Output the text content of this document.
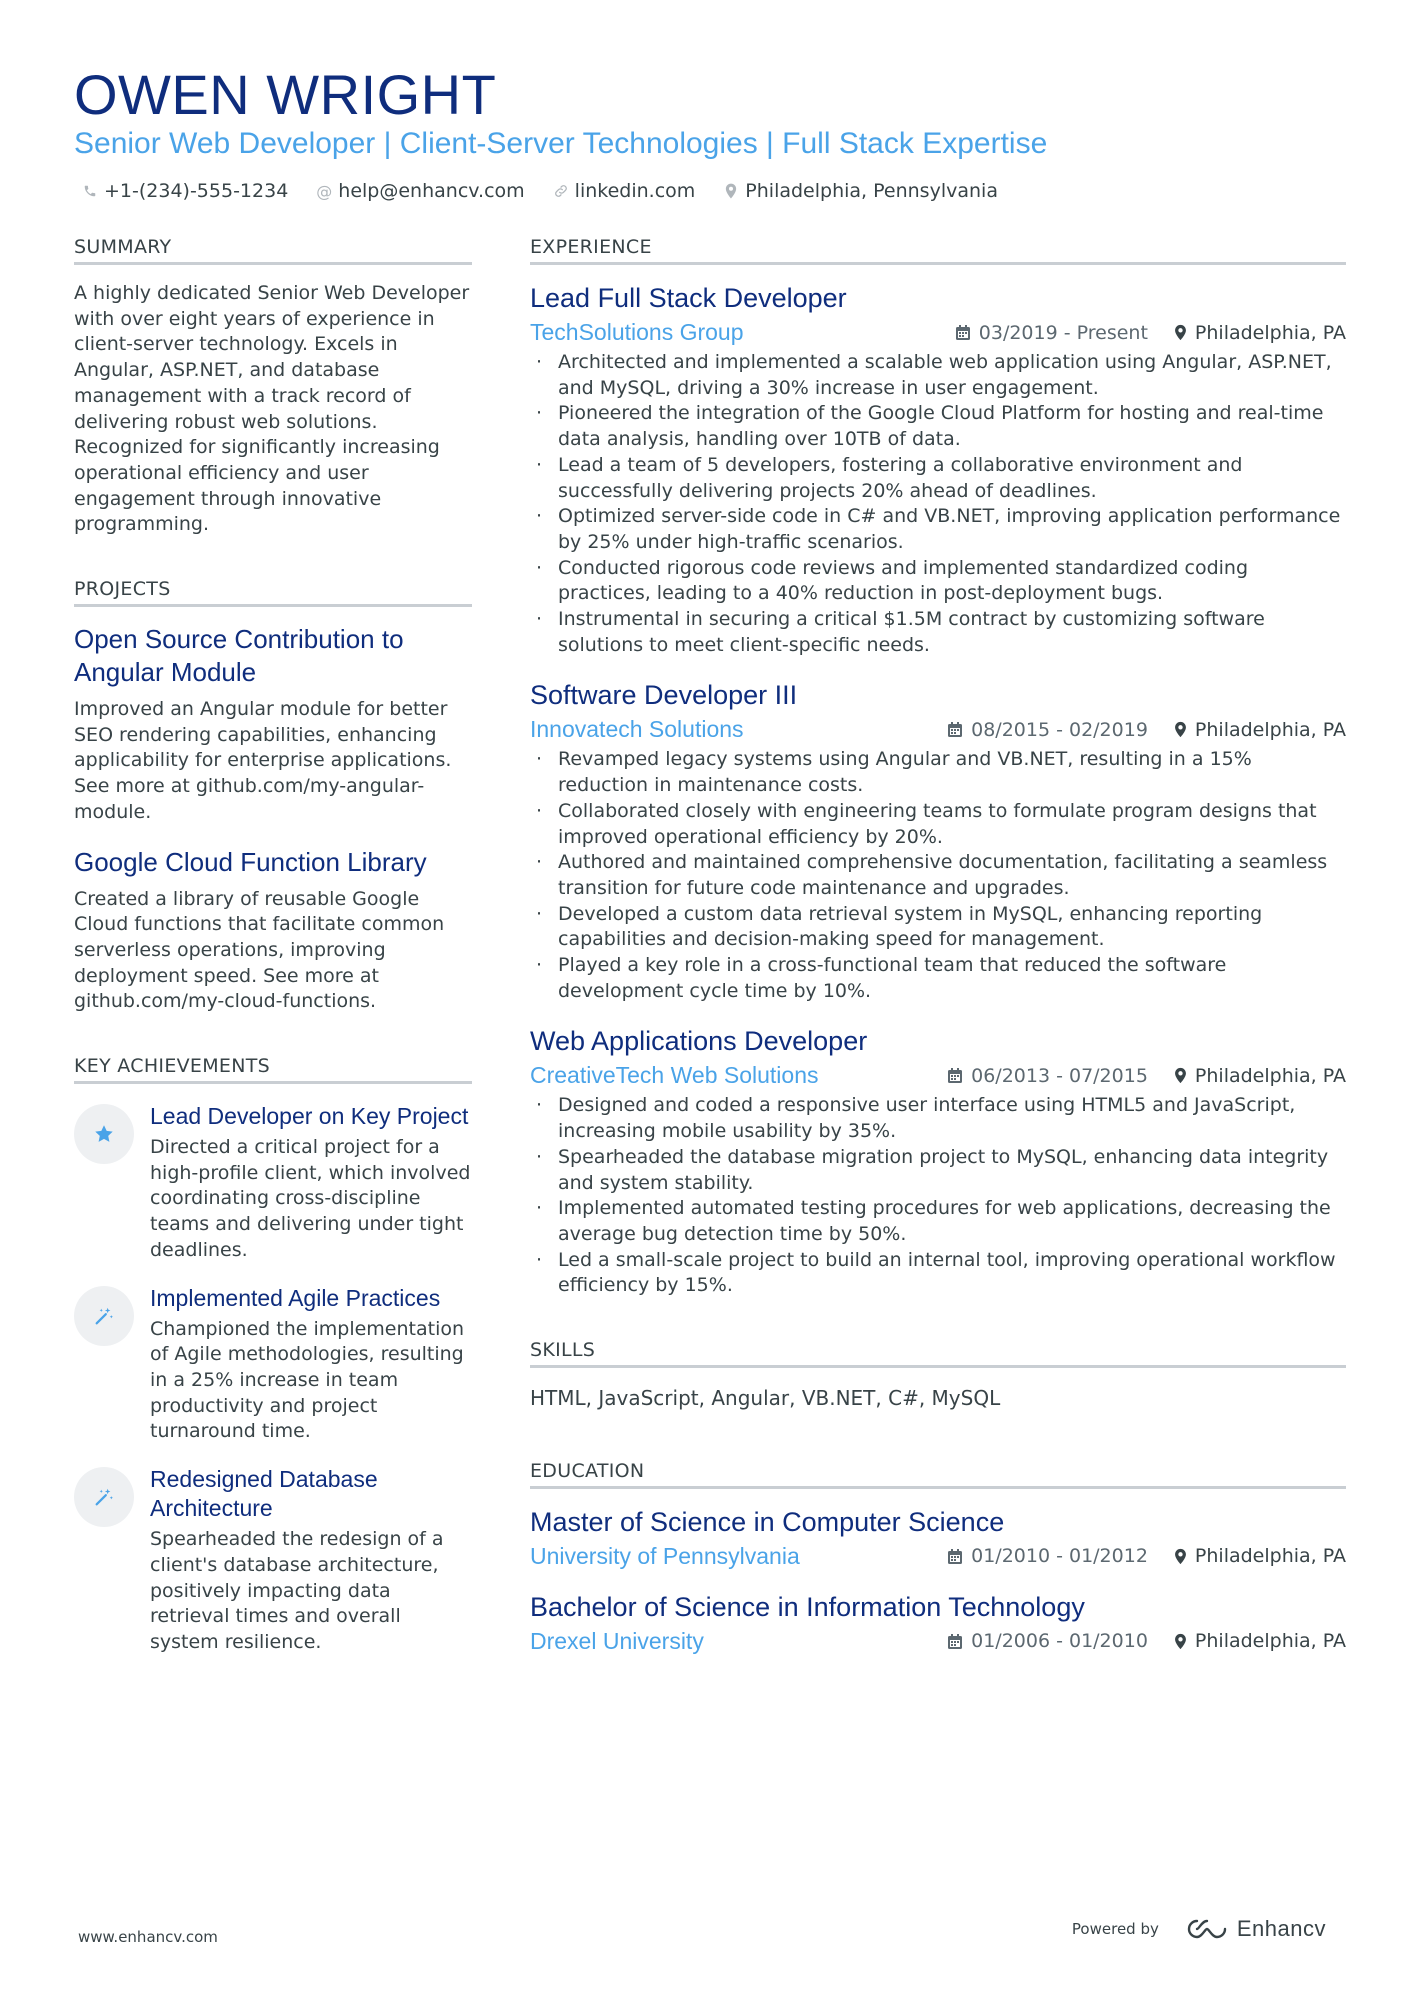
OWEN WRIGHT
Senior Web Developer | Client-Server Technologies | Full Stack Expertise
+1-(234)-555-1234 @ help@enhancv.com	linkedin.com	Philadelphia, Pennsylvania
SUMMARY

A highly dedicated Senior Web Developer with over eight years of experience in client-server technology. Excels in Angular, ASP.NET, and database management with a track record of delivering robust web solutions. Recognized for significantly increasing operational efficiency and user engagement through innovative programming.

PROJECTS
Open Source Contribution to Angular Module

Improved an Angular module for better SEO rendering capabilities, enhancing applicability for enterprise applications. See more at github.com/my-angular-module.

Google Cloud Function Library

Created a library of reusable Google Cloud functions that facilitate common serverless operations, improving deployment speed. See more at github.com/my-cloud-functions.

KEY ACHIEVEMENTS
Lead Developer on Key Project

Directed a critical project for a high-profile client, which involved coordinating cross-discipline teams and delivering under tight deadlines.

Implemented Agile Practices

Championed the implementation of Agile methodologies, resulting in a 25% increase in team productivity and project turnaround time.

Redesigned Database Architecture

Spearheaded the redesign of a client's database architecture, positively impacting data retrieval times and overall system resilience.

EXPERIENCE
Lead Full Stack Developer
TechSolutions Group	03/2019 - Present Philadelphia, PA
· Architected and implemented a scalable web application using Angular, ASP.NET, and MySQL, driving a 30% increase in user engagement.
· Pioneered the integration of the Google Cloud Platform for hosting and real-time data analysis, handling over 10TB of data.
· Lead a team of 5 developers, fostering a collaborative environment and successfully delivering projects 20% ahead of deadlines.
· Optimized server-side code in C# and VB.NET, improving application performance by 25% under high-traffic scenarios.
· Conducted rigorous code reviews and implemented standardized coding practices, leading to a 40% reduction in post-deployment bugs.
· Instrumental in securing a critical $1.5M contract by customizing software solutions to meet client-specific needs.
Software Developer III
Innovatech Solutions	08/2015 - 02/2019 Philadelphia, PA
· Revamped legacy systems using Angular and VB.NET, resulting in a 15% reduction in maintenance costs.
· Collaborated closely with engineering teams to formulate program designs that improved operational efficiency by 20%.
· Authored and maintained comprehensive documentation, facilitating a seamless transition for future code maintenance and upgrades.
· Developed a custom data retrieval system in MySQL, enhancing reporting capabilities and decision-making speed for management.
· Played a key role in a cross-functional team that reduced the software development cycle time by 10%.
Web Applications Developer
CreativeTech Web Solutions	06/2013 - 07/2015 Philadelphia, PA
· Designed and coded a responsive user interface using HTML5 and JavaScript, increasing mobile usability by 35%.
· Spearheaded the database migration project to MySQL, enhancing data integrity and system stability.
· Implemented automated testing procedures for web applications, decreasing the average bug detection time by 50%.
· Led a small-scale project to build an internal tool, improving operational workflow efficiency by 15%.
SKILLS

HTML, JavaScript, Angular, VB.NET, C#, MySQL

EDUCATION
Master of Science in Computer Science
University of Pennsylvania	01/2010 - 01/2012 Philadelphia, PA
Bachelor of Science in Information Technology
Drexel University	01/2006 - 01/2010 Philadelphia, PA
www.enhancv.com	Powered by	Enhancv
